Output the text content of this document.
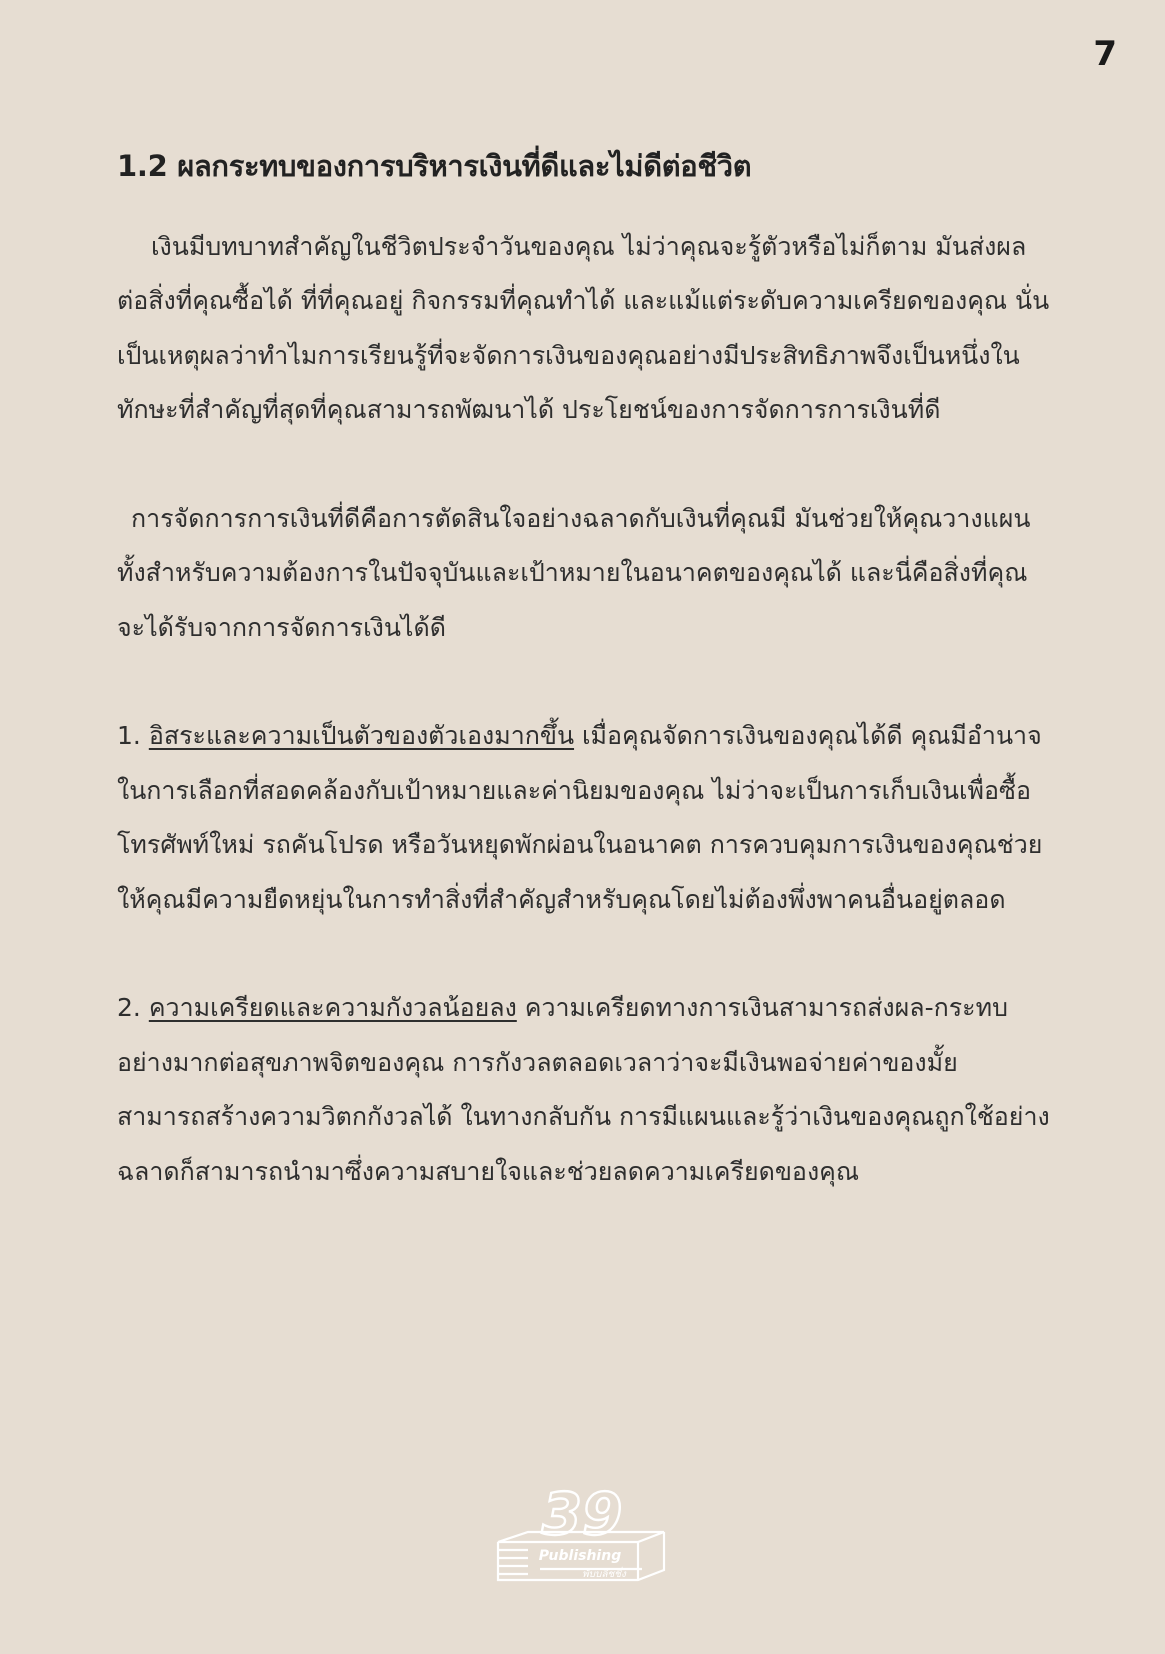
7
1.2 ผลกระทบของการบริหารเงินที่ดีและไม่ดีต่อชีวิต

เงินมีบทบาทสำคัญในชีวิตประจำวันของคุณ ไม่ว่าคุณจะรู้ตัวหรือไม่ก็ตาม มันส่งผลต่อสิ่งที่คุณซื้อได้ ที่ที่คุณอยู่ กิจกรรมที่คุณทำได้ และแม้แต่ระดับความเครียดของคุณ นั่นเป็นเหตุผลว่าทำไมการเรียนรู้ที่จะจัดการเงินของคุณอย่างมีประสิทธิภาพจึงเป็นหนึ่งในทักษะที่สำคัญที่สุดที่คุณสามารถพัฒนาได้ ประโยชน์ของการจัดการการเงินที่ดี

การจัดการการเงินที่ดีคือการตัดสินใจอย่างฉลาดกับเงินที่คุณมี มันช่วยให้คุณวางแผนทั้งสำหรับความต้องการในปัจจุบันและเป้าหมายในอนาคตของคุณได้ และนี่คือสิ่งที่คุณจะได้รับจากการจัดการเงินได้ดี

1. อิสระและความเป็นตัวของตัวเองมากขึ้น เมื่อคุณจัดการเงินของคุณได้ดี คุณมีอำนาจในการเลือกที่สอดคล้องกับเป้าหมายและค่านิยมของคุณ ไม่ว่าจะเป็นการเก็บเงินเพื่อซื้อโทรศัพท์ใหม่ รถคันโปรด หรือวันหยุดพักผ่อนในอนาคต การควบคุมการเงินของคุณช่วยให้คุณมีความยืดหยุ่นในการทำสิ่งที่สำคัญสำหรับคุณโดยไม่ต้องพึ่งพาคนอื่นอยู่ตลอด

2. ความเครียดและความกังวลน้อยลง ความเครียดทางการเงินสามารถส่งผล-กระทบอย่างมากต่อสุขภาพจิตของคุณ การกังวลตลอดเวลาว่าจะมีเงินพอจ่ายค่าของมั้ย สามารถสร้างความวิตกกังวลได้ ในทางกลับกัน การมีแผนและรู้ว่าเงินของคุณถูกใช้อย่างฉลาดก็สามารถนำมาซึ่งความสบายใจและช่วยลดความเครียดของคุณ

39
Publishing
พับบลิชชิ่ง
